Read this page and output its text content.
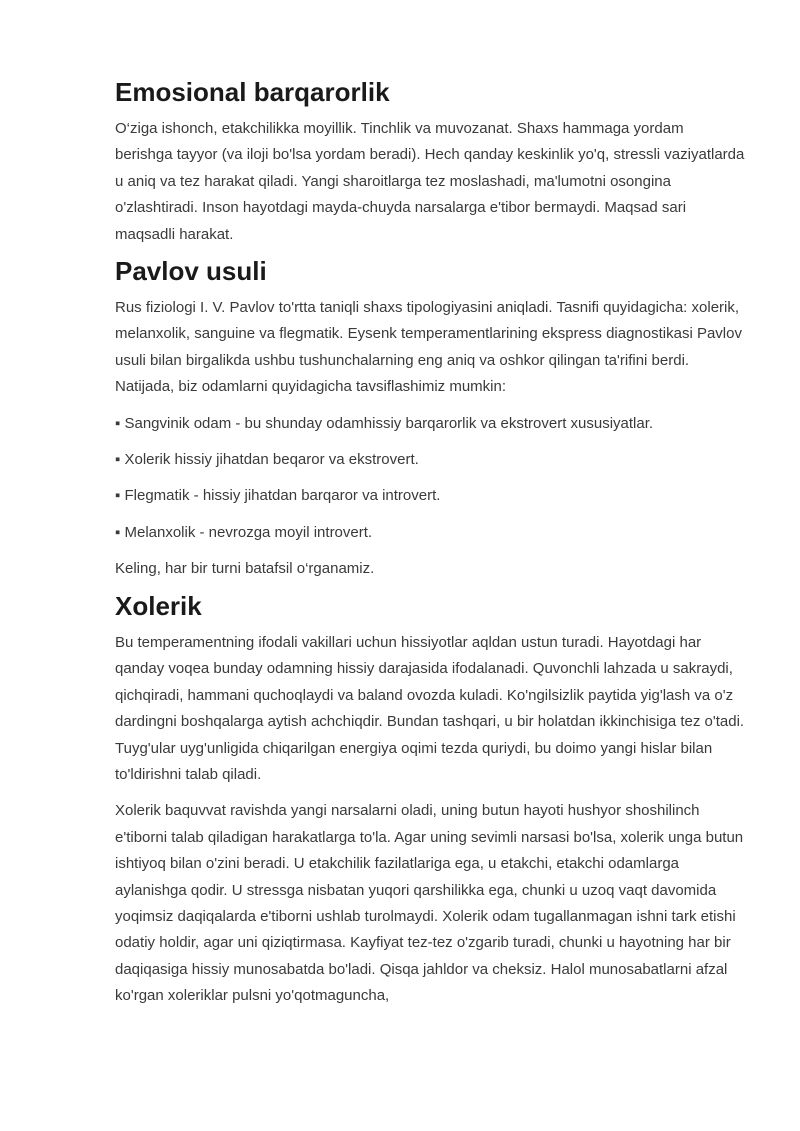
Emosional barqarorlik

O‘ziga ishonch, etakchilikka moyillik. Tinchlik va muvozanat. Shaxs hammaga yordam berishga tayyor (va iloji bo'lsa yordam beradi). Hech qanday keskinlik yo'q, stressli vaziyatlarda u aniq va tez harakat qiladi. Yangi sharoitlarga tez moslashadi, ma'lumotni osongina o'zlashtiradi. Inson hayotdagi mayda-chuyda narsalarga e'tibor bermaydi. Maqsad sari maqsadli harakat.

Pavlov usuli

Rus fiziologi I. V. Pavlov to'rtta taniqli shaxs tipologiyasini aniqladi. Tasnifi quyidagicha: xolerik, melanxolik, sanguine va flegmatik. Eysenk temperamentlarining ekspress diagnostikasi Pavlov usuli bilan birgalikda ushbu tushunchalarning eng aniq va oshkor qilingan ta'rifini berdi. Natijada, biz odamlarni quyidagicha tavsiflashimiz mumkin:

▪ Sangvinik odam - bu shunday odamhissiy barqarorlik va ekstrovert xususiyatlar.

▪ Xolerik hissiy jihatdan beqaror va ekstrovert.

▪ Flegmatik - hissiy jihatdan barqaror va introvert.

▪ Melanxolik - nevrozga moyil introvert.

Keling, har bir turni batafsil o‘rganamiz.

Xolerik

Bu temperamentning ifodali vakillari uchun hissiyotlar aqldan ustun turadi. Hayotdagi har qanday voqea bunday odamning hissiy darajasida ifodalanadi. Quvonchli lahzada u sakraydi, qichqiradi, hammani quchoqlaydi va baland ovozda kuladi. Ko'ngilsizlik paytida yig'lash va o'z dardingni boshqalarga aytish achchiqdir. Bundan tashqari, u bir holatdan ikkinchisiga tez o'tadi. Tuyg'ular uyg'unligida chiqarilgan energiya oqimi tezda quriydi, bu doimo yangi hislar bilan to'ldirishni talab qiladi.

Xolerik baquvvat ravishda yangi narsalarni oladi, uning butun hayoti hushyor shoshilinch e'tiborni talab qiladigan harakatlarga to'la. Agar uning sevimli narsasi bo'lsa, xolerik unga butun ishtiyoq bilan o'zini beradi. U etakchilik fazilatlariga ega, u etakchi, etakchi odamlarga aylanishga qodir. U stressga nisbatan yuqori qarshilikka ega, chunki u uzoq vaqt davomida yoqimsiz daqiqalarda e'tiborni ushlab turolmaydi. Xolerik odam tugallanmagan ishni tark etishi odatiy holdir, agar uni qiziqtirmasa. Kayfiyat tez-tez o'zgarib turadi, chunki u hayotning har bir daqiqasiga hissiy munosabatda bo'ladi. Qisqa jahldor va cheksiz. Halol munosabatlarni afzal ko'rgan xoleriklar pulsni yo'qotmaguncha,
